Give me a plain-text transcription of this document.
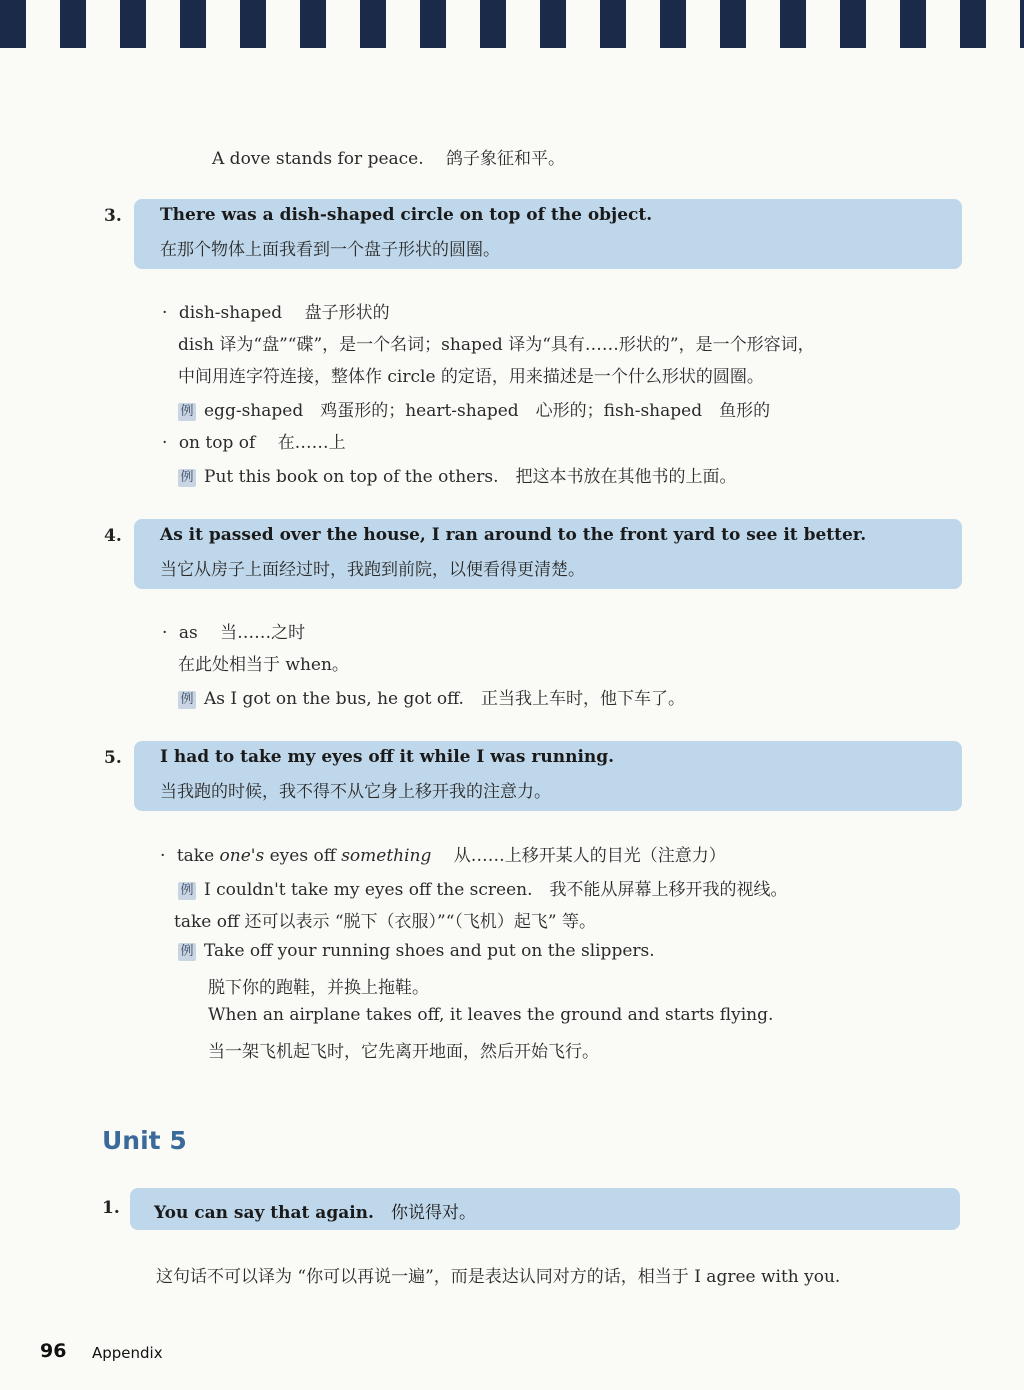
A dove stands for peace.　 鸽子象征和平。
3. There was a dish-shaped circle on top of the object.
在那个物体上面我看到一个盘子形状的圆圈。
· dish-shaped　 盘子形状的
dish 译为“盘”“碟”，是一个名词；shaped 译为“具有……形状的”，是一个形容词，
中间用连字符连接，整体作 circle 的定语，用来描述是一个什么形状的圆圈。
例 egg-shaped　鸡蛋形的；heart-shaped　心形的；fish-shaped　鱼形的
· on top of　 在……上
例 Put this book on top of the others.　把这本书放在其他书的上面。
4. As it passed over the house, I ran around to the front yard to see it better.
当它从房子上面经过时，我跑到前院，以便看得更清楚。
· as　 当……之时
在此处相当于 when。
例 As I got on the bus, he got off.　正当我上车时，他下车了。
5. I had to take my eyes off it while I was running.
当我跑的时候，我不得不从它身上移开我的注意力。
· take one's eyes off something　 从……上移开某人的目光（注意力）
例 I couldn't take my eyes off the screen.　我不能从屏幕上移开我的视线。
take off 还可以表示 “脱下（衣服）”“（飞机）起飞” 等。
例 Take off your running shoes and put on the slippers.
脱下你的跑鞋，并换上拖鞋。
When an airplane takes off, it leaves the ground and starts flying.
当一架飞机起飞时，它先离开地面，然后开始飞行。
Unit 5
1. You can say that again.　 你说得对。
这句话不可以译为 “你可以再说一遍”，而是表达认同对方的话，相当于 I agree with you.
96 Appendix
